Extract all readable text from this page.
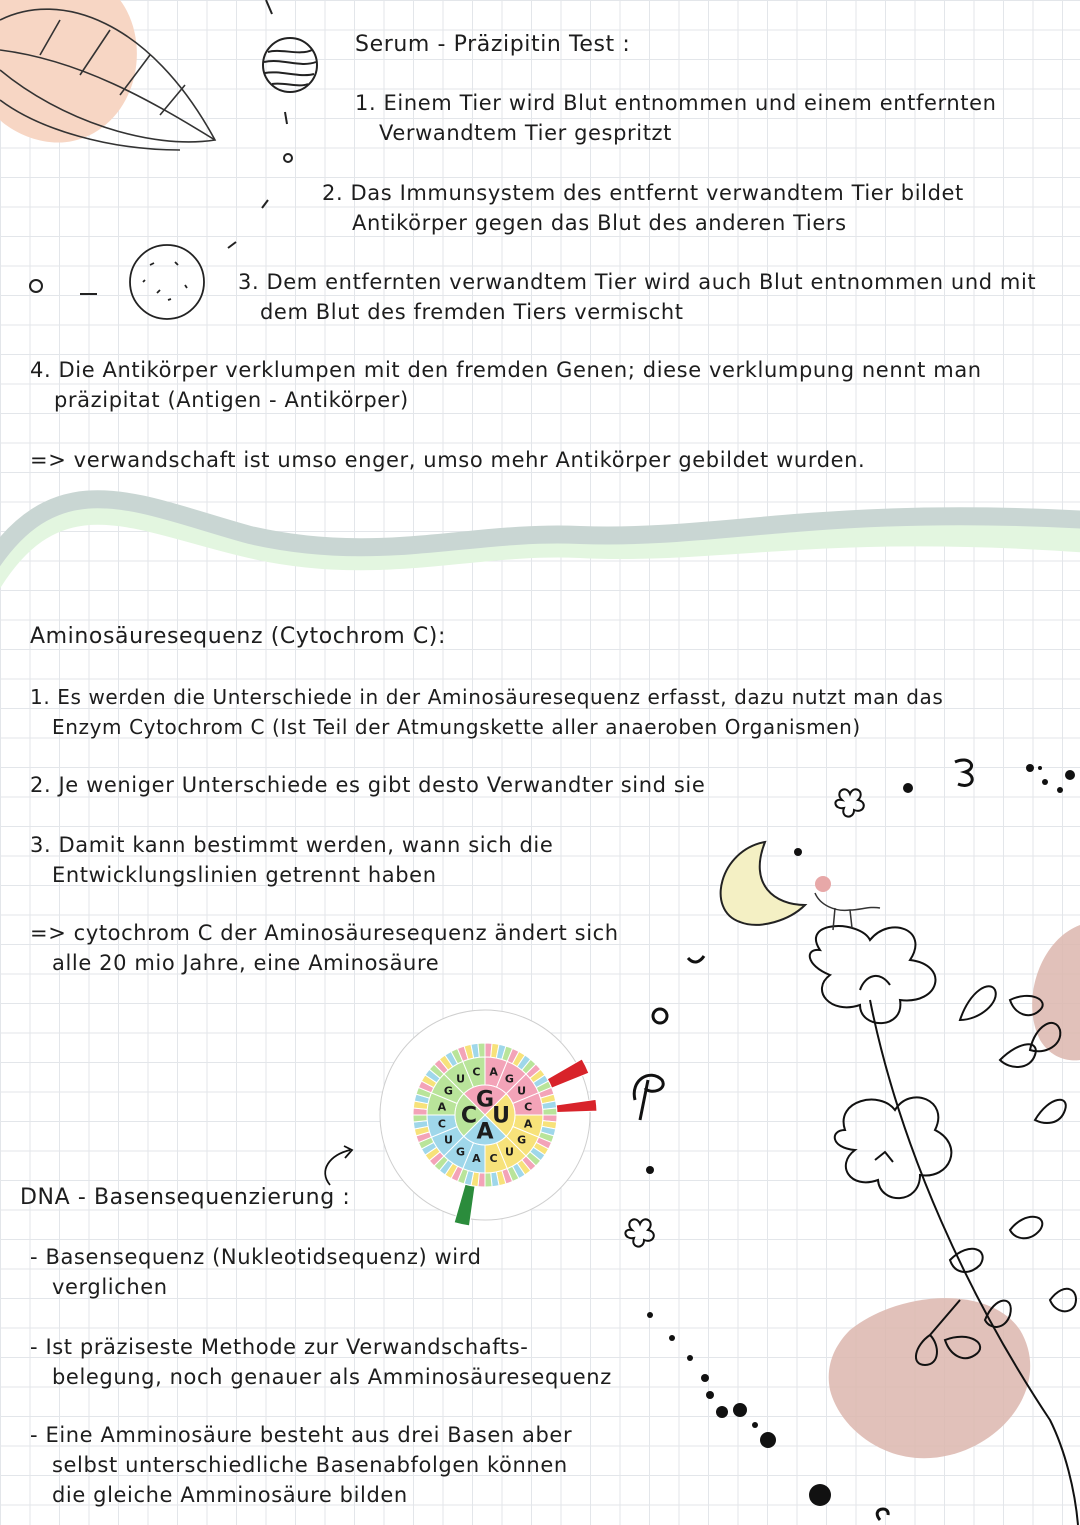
A
G
U
C
A
G
U
C
A
G
U
C
A
G
U
C
G
U
A
C
Serum - Präzipitin Test :
1. Einem Tier wird Blut entnommen und einem entfernten
Verwandtem Tier gespritzt
2. Das Immunsystem des entfernt verwandtem Tier bildet
Antikörper gegen das Blut des anderen Tiers
3. Dem entfernten verwandtem Tier wird auch Blut entnommen und mit
dem Blut des fremden Tiers vermischt
4. Die Antikörper verklumpen mit den fremden Genen; diese verklumpung nennt man
präzipitat (Antigen - Antikörper)
=> verwandschaft ist umso enger, umso mehr Antikörper gebildet wurden.
Aminosäuresequenz (Cytochrom C):
1. Es werden die Unterschiede in der Aminosäuresequenz erfasst, dazu nutzt man das
Enzym Cytochrom C (Ist Teil der Atmungskette aller anaeroben Organismen)
2. Je weniger Unterschiede es gibt desto Verwandter sind sie
3. Damit kann bestimmt werden, wann sich die
Entwicklungslinien getrennt haben
=> cytochrom C der Aminosäuresequenz ändert sich
alle 20 mio Jahre, eine Aminosäure
DNA - Basensequenzierung :
- Basensequenz (Nukleotidsequenz) wird
verglichen
- Ist präziseste Methode zur Verwandschafts-
belegung, noch genauer als Amminosäuresequenz
- Eine Amminosäure besteht aus drei Basen aber
selbst unterschiedliche Basenabfolgen können
die gleiche Amminosäure bilden
